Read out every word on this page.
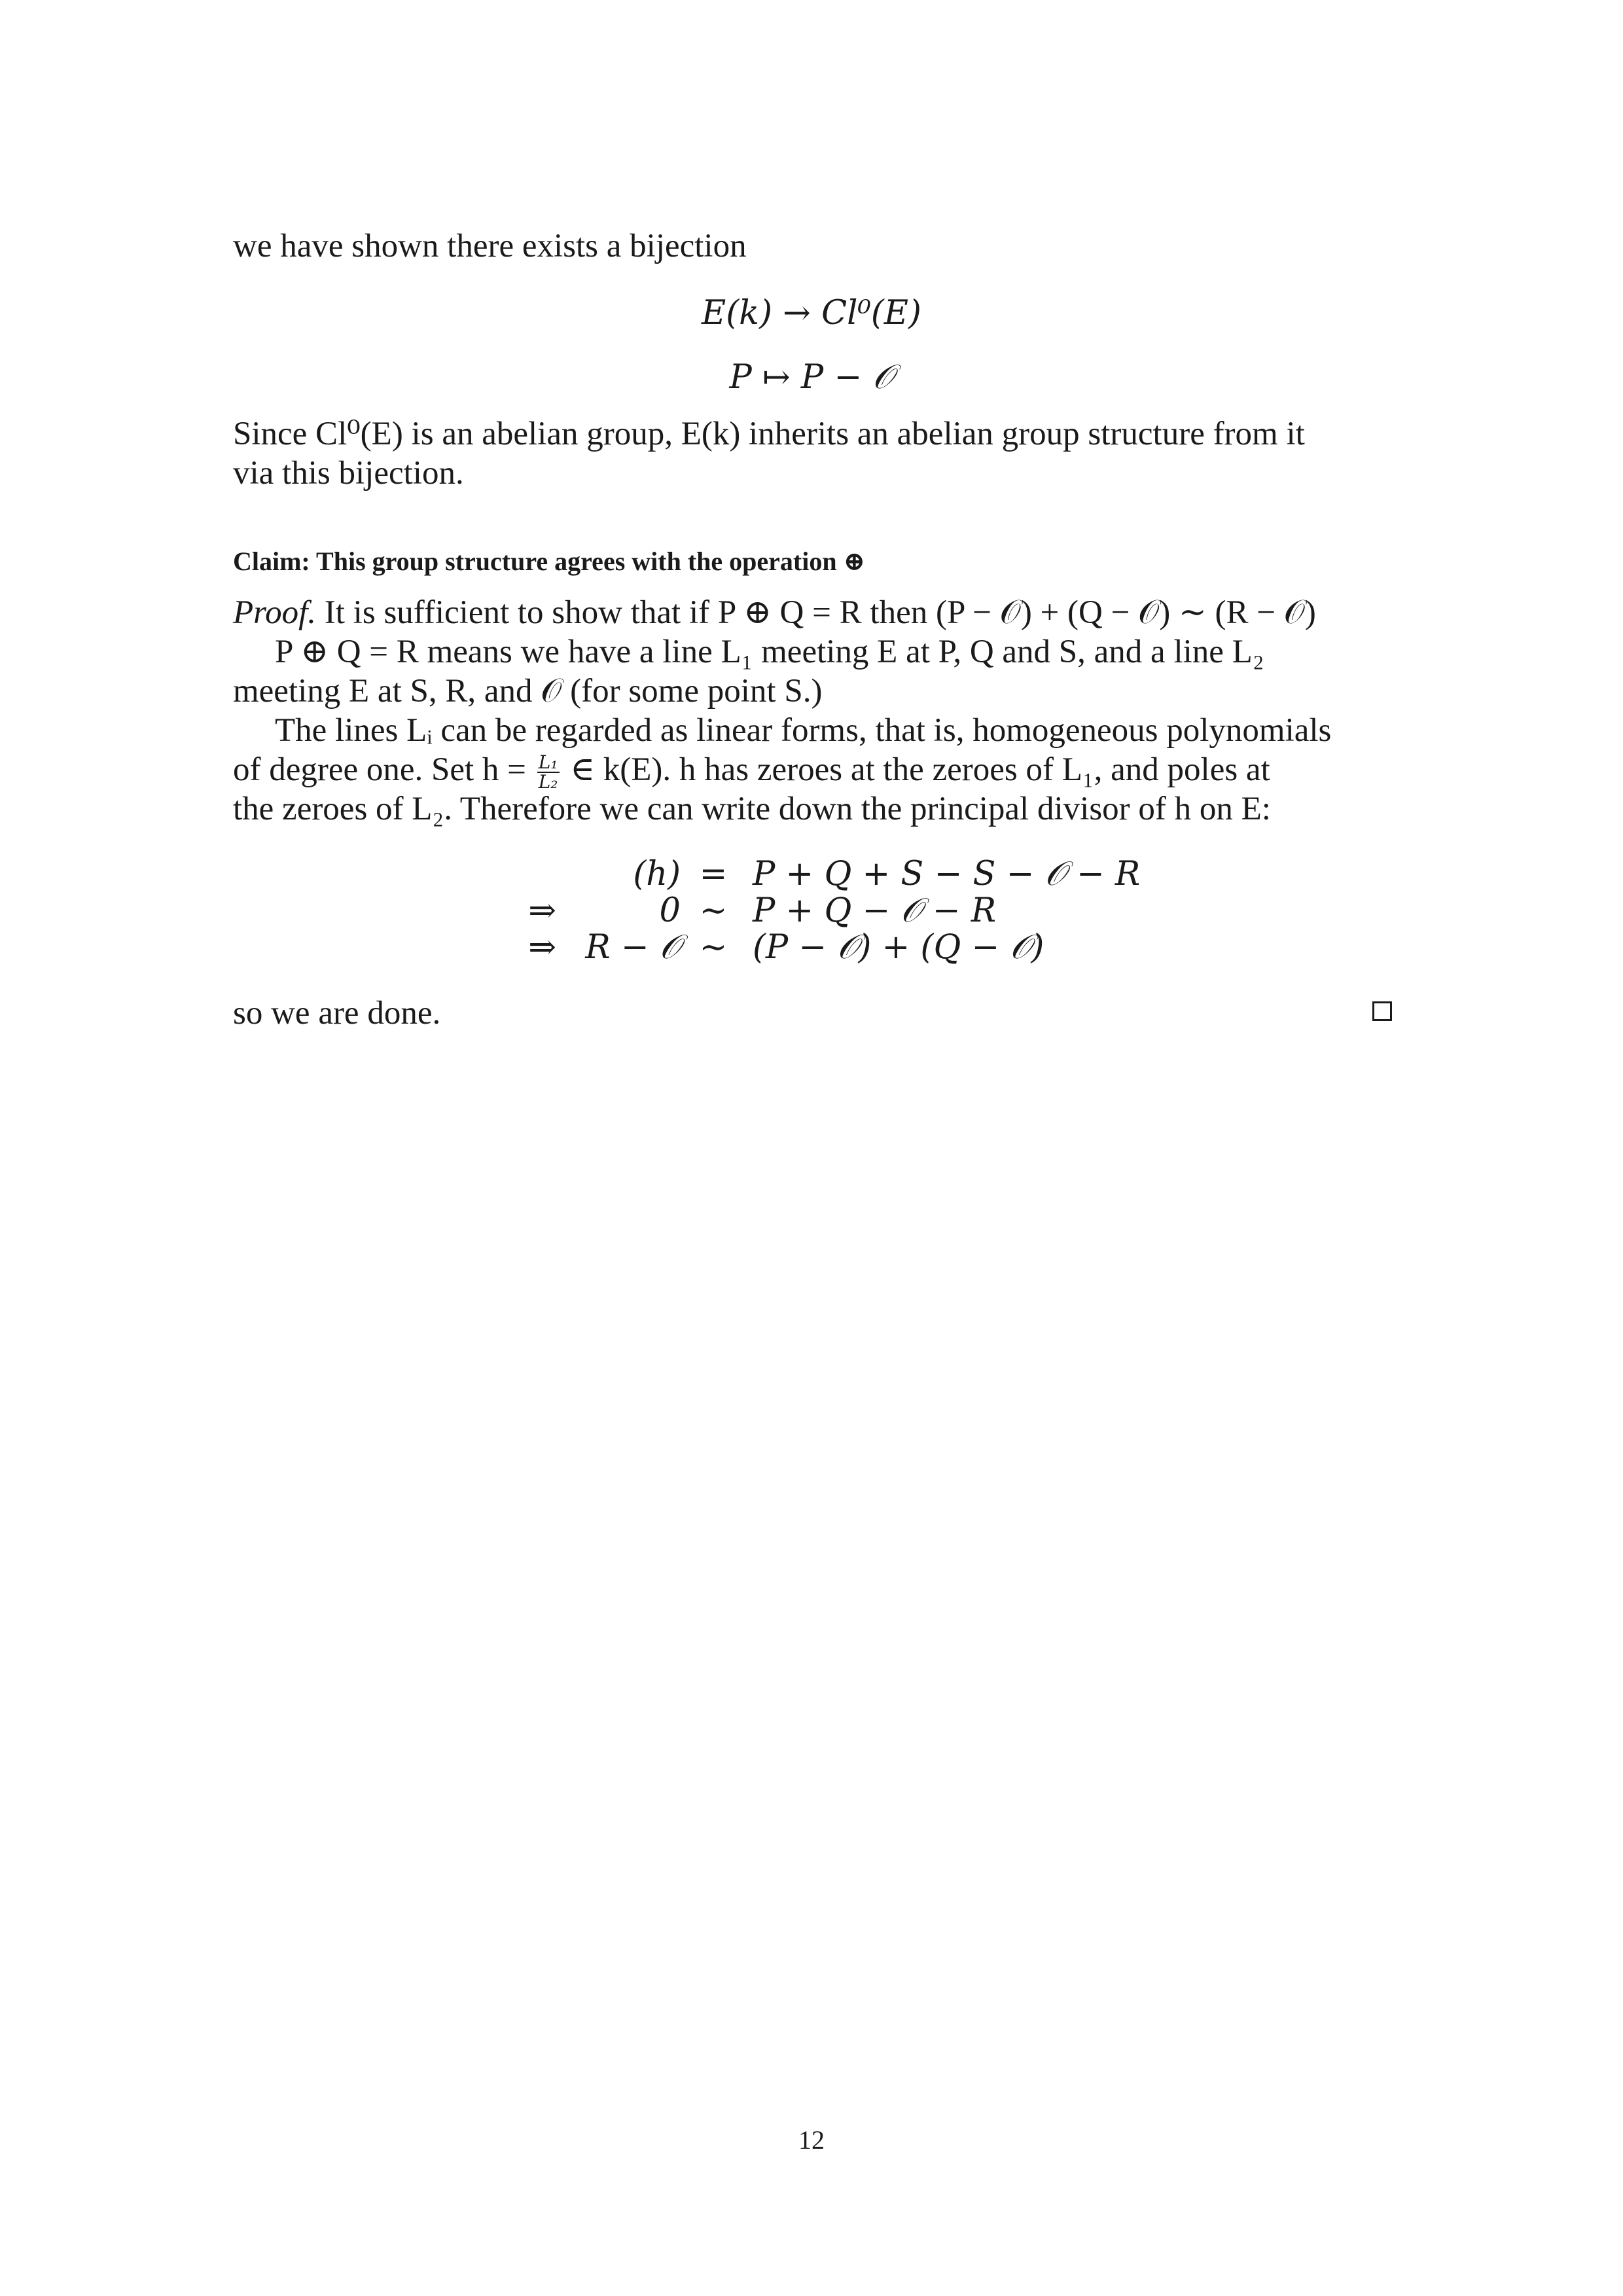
we have shown there exists a bijection
E(k) → Cl⁰(E)
P ↦ P − 𝒪
Since Cl⁰(E) is an abelian group, E(k) inherits an abelian group structure from it
via this bijection.
Claim: This group structure agrees with the operation ⊕
Proof. It is sufficient to show that if P ⊕ Q = R then (P − 𝒪) + (Q − 𝒪) ∼ (R − 𝒪)
P ⊕ Q = R means we have a line L₁ meeting E at P, Q and S, and a line L₂
meeting E at S, R, and 𝒪 (for some point S.)
The lines Lᵢ can be regarded as linear forms, that is, homogeneous polynomials
of degree one. Set $h = \frac{\text{L₁}}{\text{L₂}}$ ∈ k(E). h has zeroes at the zeroes of L₁, and poles at
the zeroes of L₂. Therefore we can write down the principal divisor of h on E:
(h) = P + Q + S − S − 𝒪 − R
⇒	0 ∼ P + Q − 𝒪 − R
⇒ R − 𝒪 ∼ (P − 𝒪) + (Q − 𝒪)
so we are done.
12
